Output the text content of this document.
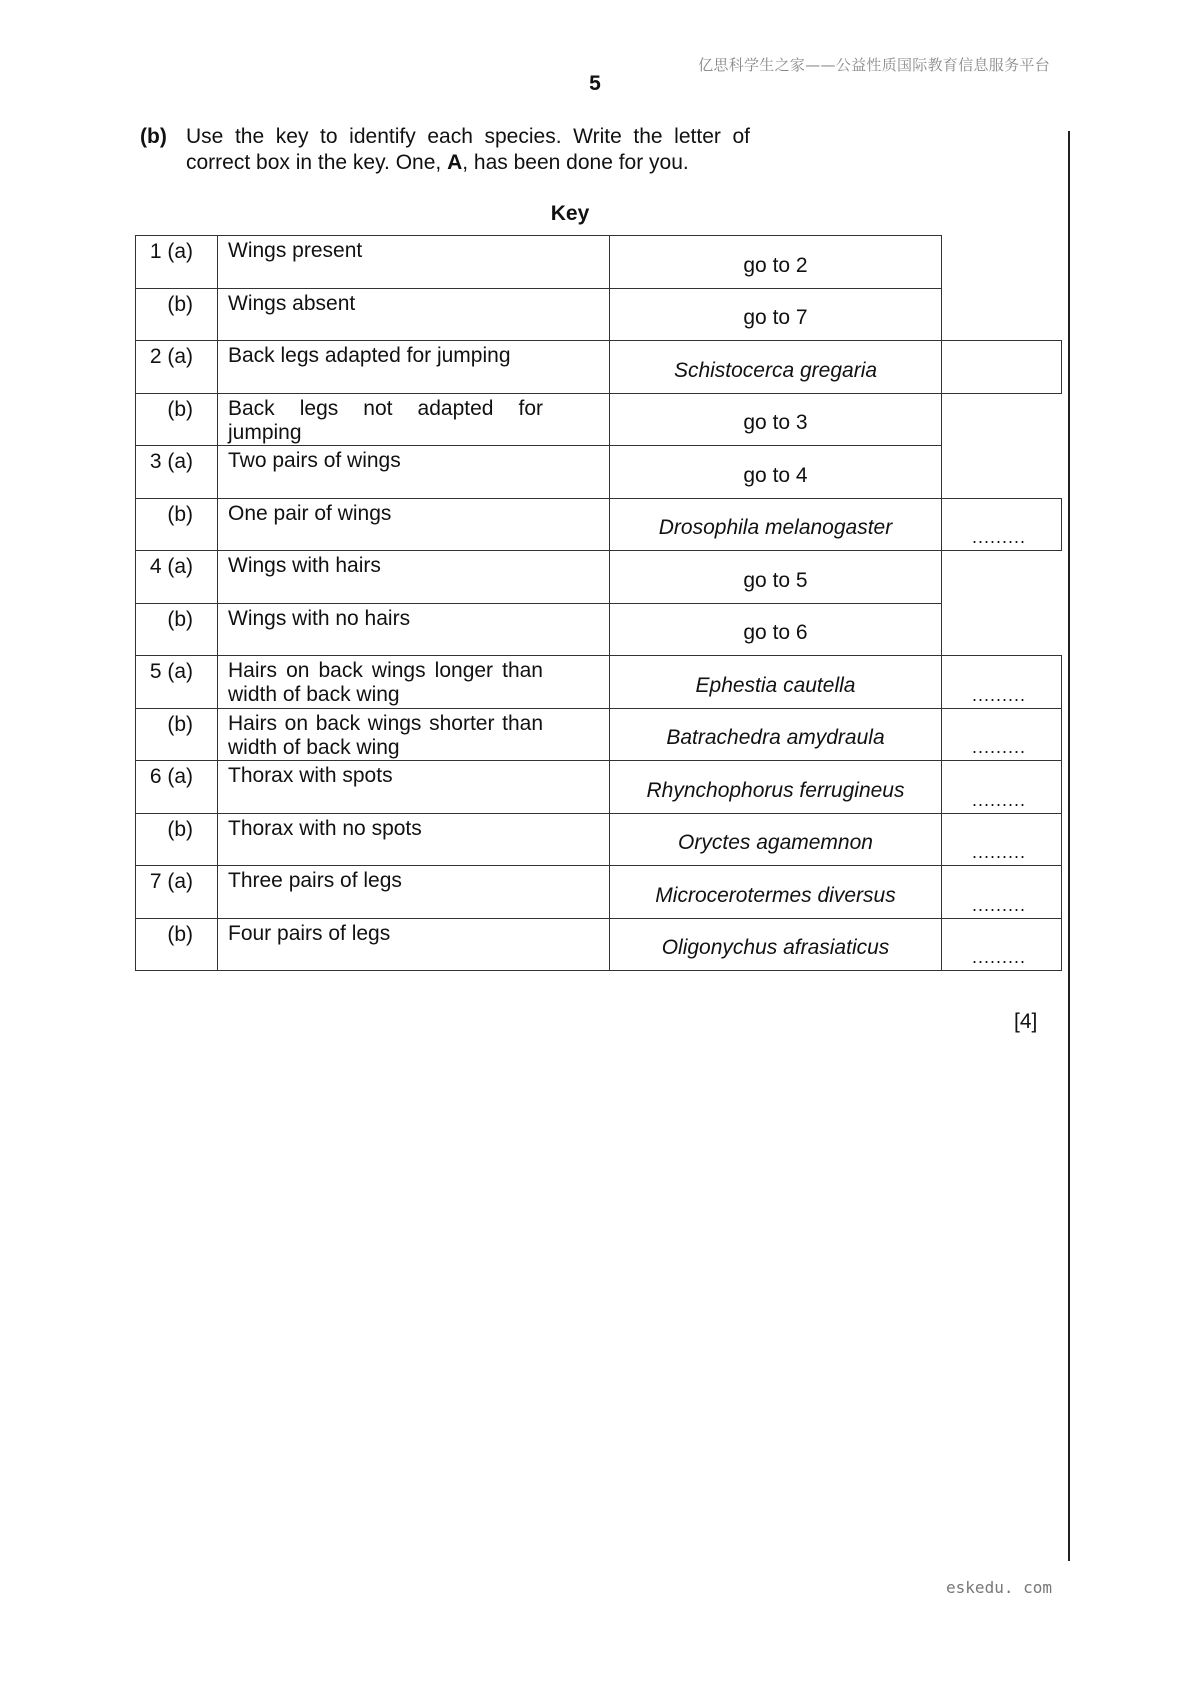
亿思科学生之家——公益性质国际教育信息服务平台
5
(b) Use the key to identify each species. Write the letter of
correct box in the key. One, A, has been done for you.
Key
1 (a)	Wings present	go to 2	

(b)	Wings absent	go to 7	

2 (a)	Back legs adapted for jumping	Schistocerca gregaria	

(b)	Back legs not adapted for jumping	go to 3	

3 (a)	Two pairs of wings	go to 4	

(b)	One pair of wings	Drosophila melanogaster	.........

4 (a)	Wings with hairs	go to 5	

(b)	Wings with no hairs	go to 6	

5 (a)	Hairs on back wings longer than width of back wing	Ephestia cautella	.........

(b)	Hairs on back wings shorter than width of back wing	Batrachedra amydraula	.........

6 (a)	Thorax with spots	Rhynchophorus ferrugineus	.........

(b)	Thorax with no spots	Oryctes agamemnon	.........

7 (a)	Three pairs of legs	Microcerotermes diversus	.........

(b)	Four pairs of legs	Oligonychus afrasiaticus	.........
[4]
eskedu. com
